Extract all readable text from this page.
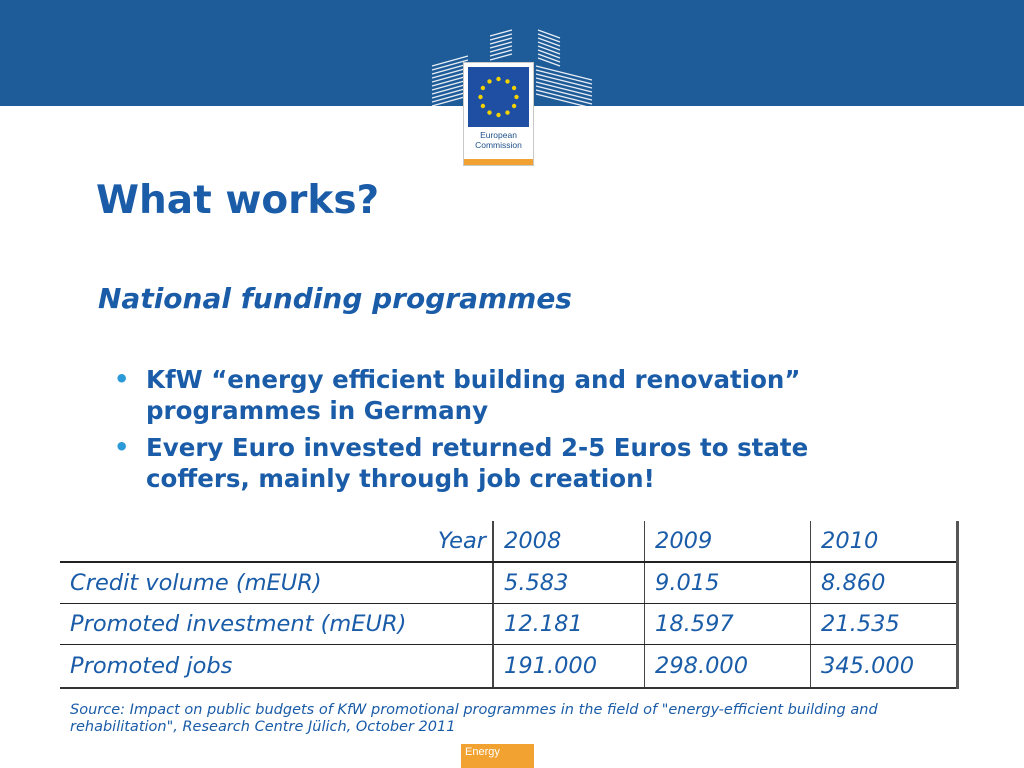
European
Commission
What works?
National funding programmes
• KfW “energy efficient building and renovation” programmes in Germany
• Every Euro invested returned 2-5 Euros to state coffers, mainly through job creation!
Year	2008	2009	2010
Credit volume (mEUR)	5.583	9.015	8.860
Promoted investment (mEUR)	12.181	18.597	21.535
Promoted jobs	191.000	298.000	345.000

Source: Impact on public budgets of KfW promotional programmes in the field of "energy-efficient building and rehabilitation", Research Centre Jülich, October 2011

Energy
